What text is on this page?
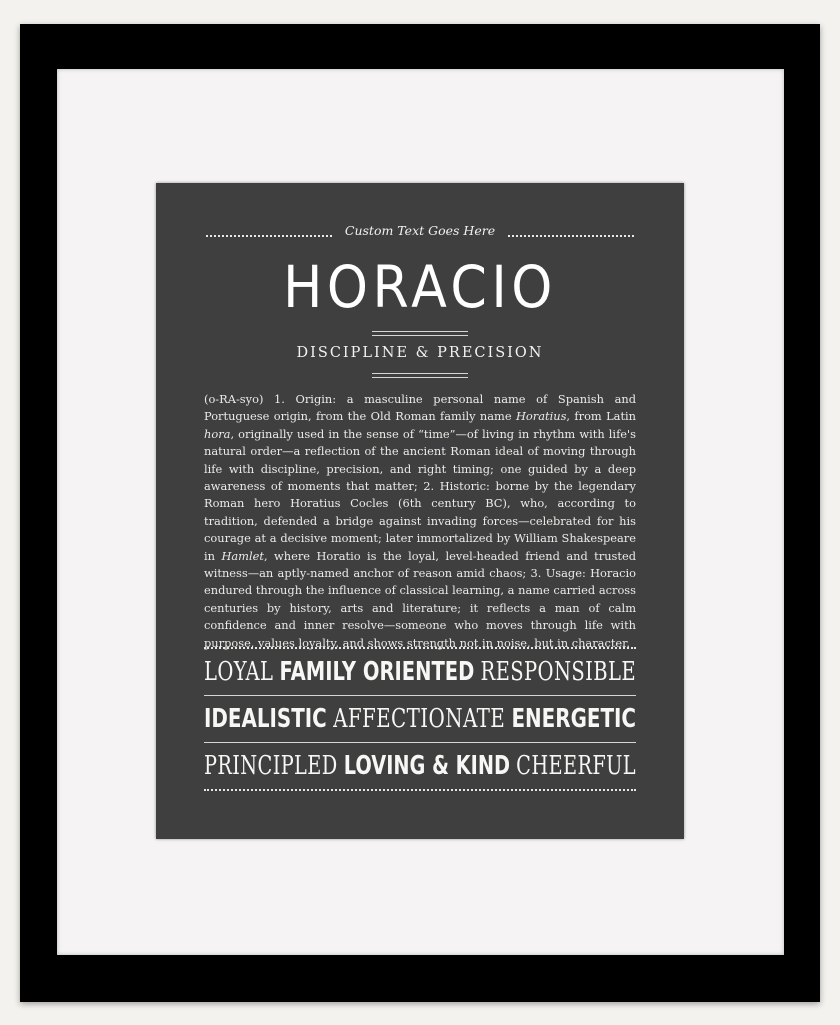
Custom Text Goes Here
HORACIO
DISCIPLINE & PRECISION
(o-RA-syo) 1. Origin: a masculine personal name of Spanish and Portuguese origin, from the Old Roman family name Horatius, from Latin hora, originally used in the sense of “time”—of living in rhythm with life's natural order—a reflection of the ancient Roman ideal of moving through life with discipline, precision, and right timing; one guided by a deep awareness of moments that matter; 2. Historic: borne by the legendary Roman hero Horatius Cocles (6th century BC), who, according to tradition, defended a bridge against invading forces—celebrated for his courage at a decisive moment; later immortalized by William Shakespeare in Hamlet, where Horatio is the loyal, level-headed friend and trusted witness—an aptly-named anchor of reason amid chaos; 3. Usage: Horacio endured through the influence of classical learning, a name carried across centuries by history, arts and literature; it reflects a man of calm confidence and inner resolve—someone who moves through life with purpose, values loyalty, and shows strength not in noise, but in character.
LOYAL FAMILY ORIENTED RESPONSIBLE
IDEALISTIC AFFECTIONATE ENERGETIC
PRINCIPLED LOVING & KIND CHEERFUL
